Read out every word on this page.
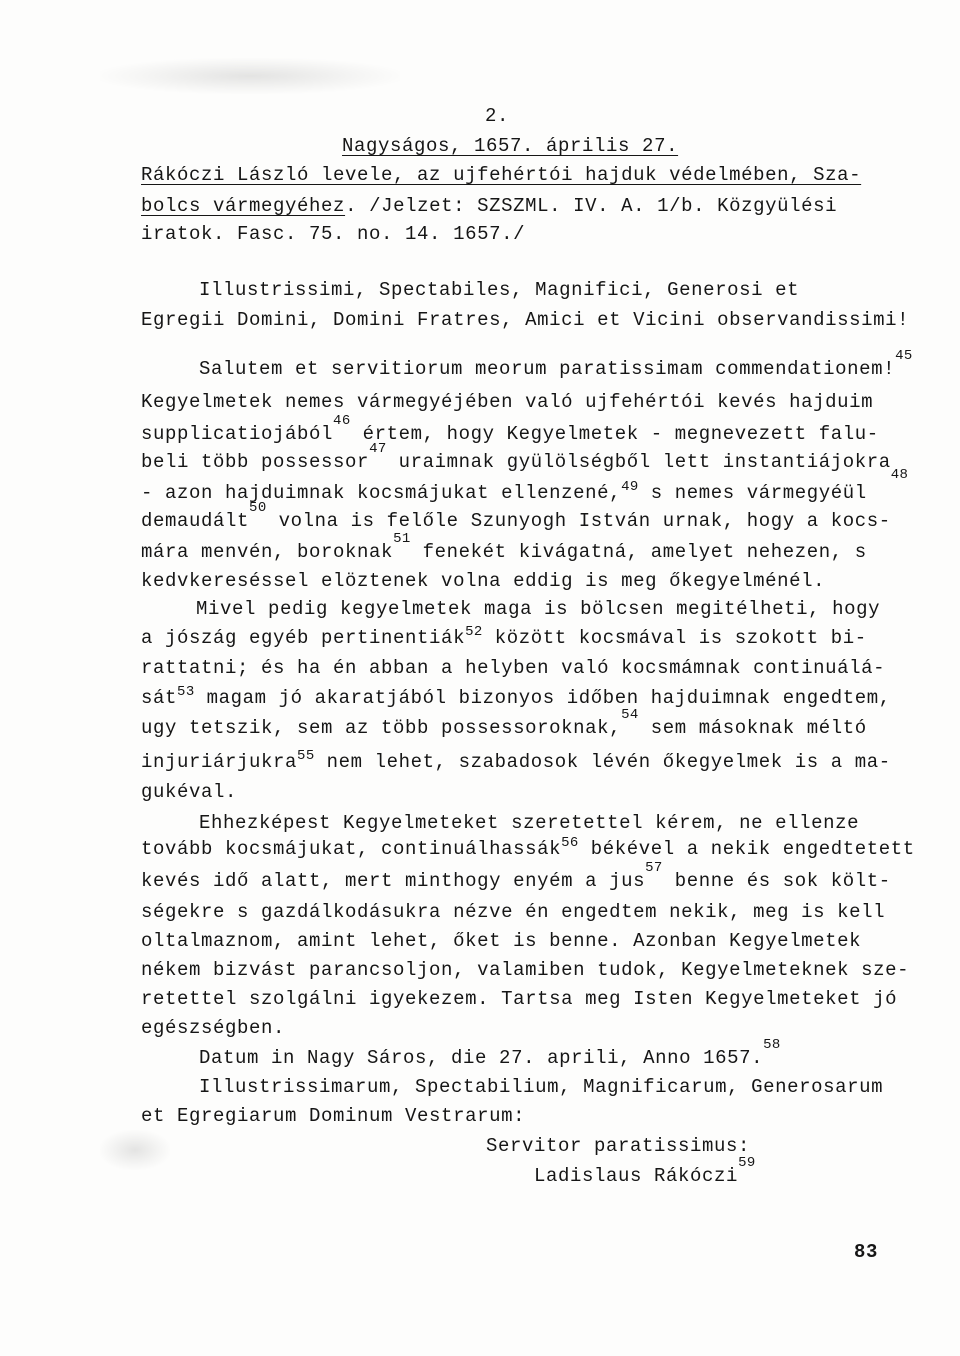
2.

Nagyságos, 1657. április 27.

Rákóczi László levele, az ujfehértói hajduk védelmében, Sza-

bolcs vármegyéhez. /Jelzet: SZSZML. IV. A. 1/b. Közgyülési

iratok. Fasc. 75. no. 14. 1657./

Illustrissimi, Spectabiles, Magnifici, Generosi et

Egregii Domini, Domini Fratres, Amici et Vicini observandissimi!

Salutem et servitiorum meorum paratissimam commendationem!$^{45}$

Kegyelmetek nemes vármegyéjében való ujfehértói kevés hajduim

supplicatiojából$^{46}$ értem, hogy Kegyelmetek - megnevezett falu-

beli több possessor$^{47}$ uraimnak gyülölségből lett instantiájokra$^{48}$

- azon hajduimnak kocsmájukat ellenzené,$^{49}$ s nemes vármegyéül

demaudált$^{50}$ volna is felőle Szunyogh István urnak, hogy a kocs-

mára menvén, boroknak$^{51}$ fenekét kivágatná, amelyet nehezen, s

kedvkereséssel elöztenek volna eddig is meg őkegyelménél.

Mivel pedig kegyelmetek maga is bölcsen megitélheti, hogy

a jószág egyéb pertinentiák$^{52}$ között kocsmával is szokott bi-

rattatni; és ha én abban a helyben való kocsmámnak continuálá-

sát$^{53}$ magam jó akaratjából bizonyos időben hajduimnak engedtem,

ugy tetszik, sem az több possessoroknak,$^{54}$ sem másoknak méltó

injuriárjukra$^{55}$ nem lehet, szabadosok lévén őkegyelmek is a ma-

gukéval.

Ehhezképest Kegyelmeteket szeretettel kérem, ne ellenze

tovább kocsmájukat, continuálhassák$^{56}$ békével a nekik engedtetett

kevés idő alatt, mert minthogy enyém a jus$^{57}$ benne és sok költ-

ségekre s gazdálkodásukra nézve én engedtem nekik, meg is kell

oltalmaznom, amint lehet, őket is benne. Azonban Kegyelmetek

nékem bizvást parancsoljon, valamiben tudok, Kegyelmeteknek sze-

retettel szolgálni igyekezem. Tartsa meg Isten Kegyelmeteket jó

egészségben.

Datum in Nagy Sáros, die 27. aprili, Anno 1657.58

Illustrissimarum, Spectabilium, Magnificarum, Generosarum

et Egregiarum Dominum Vestrarum:

Servitor paratissimus:

Ladislaus Rákóczi$^{59}$

83
